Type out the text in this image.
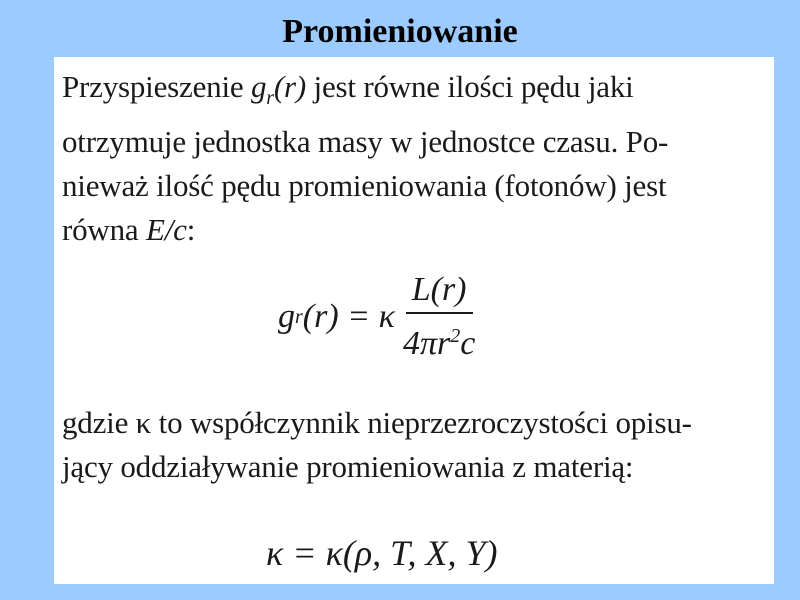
Promieniowanie
Przyspieszenie $g_r(r)$ jest równe ilości pędu jaki
otrzymuje jednostka masy w jednostce czasu. Po-
nieważ ilość pędu promieniowania (fotonów) jest
równa E/c:
g r (r) = κ $\frac{L(r)}{4\pi r^2c}$
gdzie κ to współczynnik nieprzezroczystości opisu-
jący oddziaływanie promieniowania z materią:
κ = κ(ρ, T, X, Y)
